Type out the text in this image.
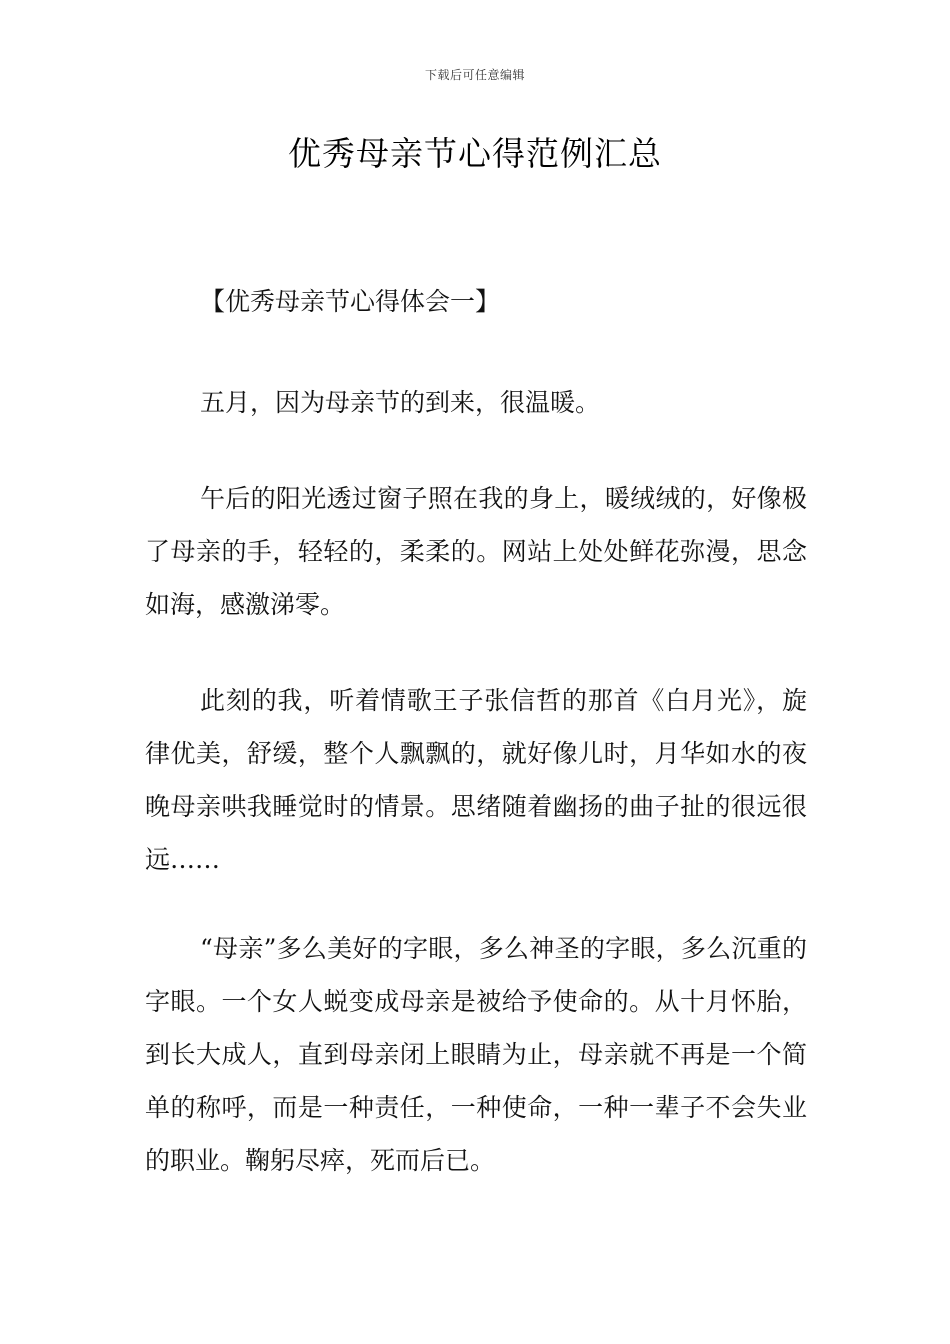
下载后可任意编辑
优秀母亲节心得范例汇总
【优秀母亲节心得体会一】

五月，因为母亲节的到来，很温暖。

午后的阳光透过窗子照在我的身上，暖绒绒的，好像极了母亲的手，轻轻的，柔柔的。网站上处处鲜花弥漫，思念如海，感激涕零。

此刻的我，听着情歌王子张信哲的那首《白月光》，旋律优美，舒缓，整个人飘飘的，就好像儿时，月华如水的夜晚母亲哄我睡觉时的情景。思绪随着幽扬的曲子扯的很远很远……

“母亲”多么美好的字眼，多么神圣的字眼，多么沉重的字眼。一个女人蜕变成母亲是被给予使命的。从十月怀胎，到长大成人，直到母亲闭上眼睛为止，母亲就不再是一个简单的称呼，而是一种责任，一种使命，一种一辈子不会失业的职业。鞠躬尽瘁，死而后已。
